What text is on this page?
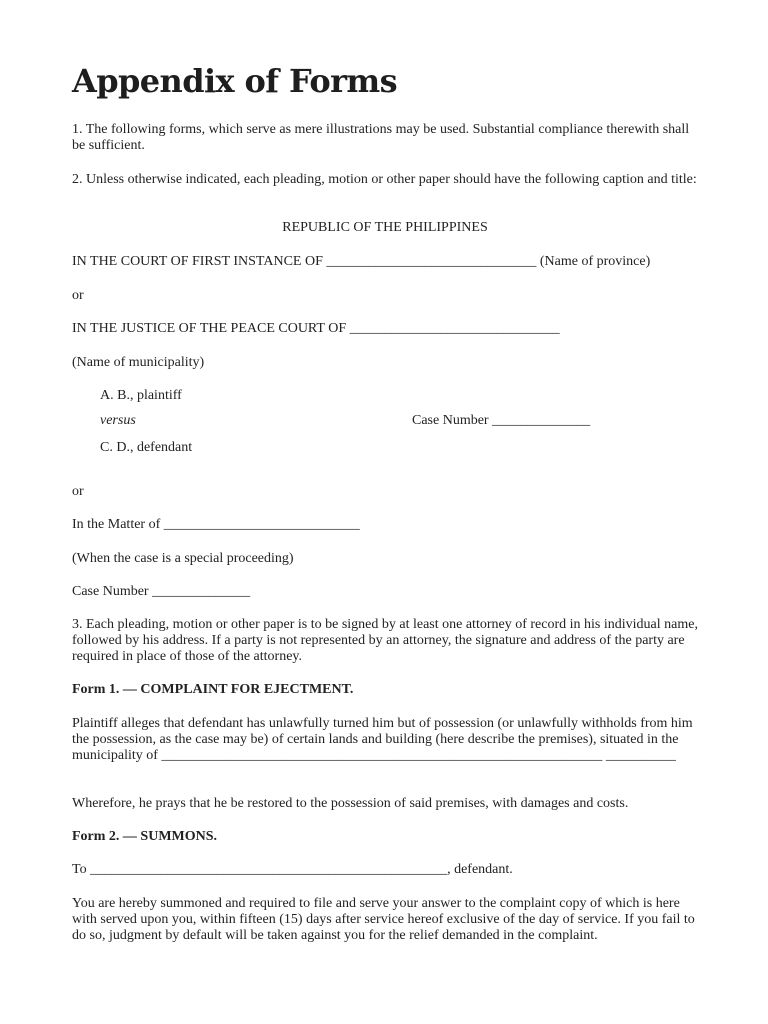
Appendix of Forms

1. The following forms, which serve as mere illustrations may be used. Substantial compliance therewith shall be sufficient.

2. Unless otherwise indicated, each pleading, motion or other paper should have the following caption and title:

REPUBLIC OF THE PHILIPPINES

IN THE COURT OF FIRST INSTANCE OF ______________________________ (Name of province)

or

IN THE JUSTICE OF THE PEACE COURT OF ______________________________

(Name of municipality)

A. B., plaintiff

versus	Case Number ______________

C. D., defendant

or

In the Matter of ____________________________

(When the case is a special proceeding)

Case Number ______________

3. Each pleading, motion or other paper is to be signed by at least one attorney of record in his individual name, followed by his address. If a party is not represented by an attorney, the signature and address of the party are required in place of those of the attorney.

Form 1. — COMPLAINT FOR EJECTMENT.

Plaintiff alleges that defendant has unlawfully turned him but of possession (or unlawfully withholds from him the possession, as the case may be) of certain lands and building (here describe the premises), situated in the municipality of _______________________________________________________________ __________

Wherefore, he prays that he be restored to the possession of said premises, with damages and costs.

Form 2. — SUMMONS.

To ___________________________________________________, defendant.

You are hereby summoned and required to file and serve your answer to the complaint copy of which is here with served upon you, within fifteen (15) days after service hereof exclusive of the day of service. If you fail to do so, judgment by default will be taken against you for the relief demanded in the complaint.
